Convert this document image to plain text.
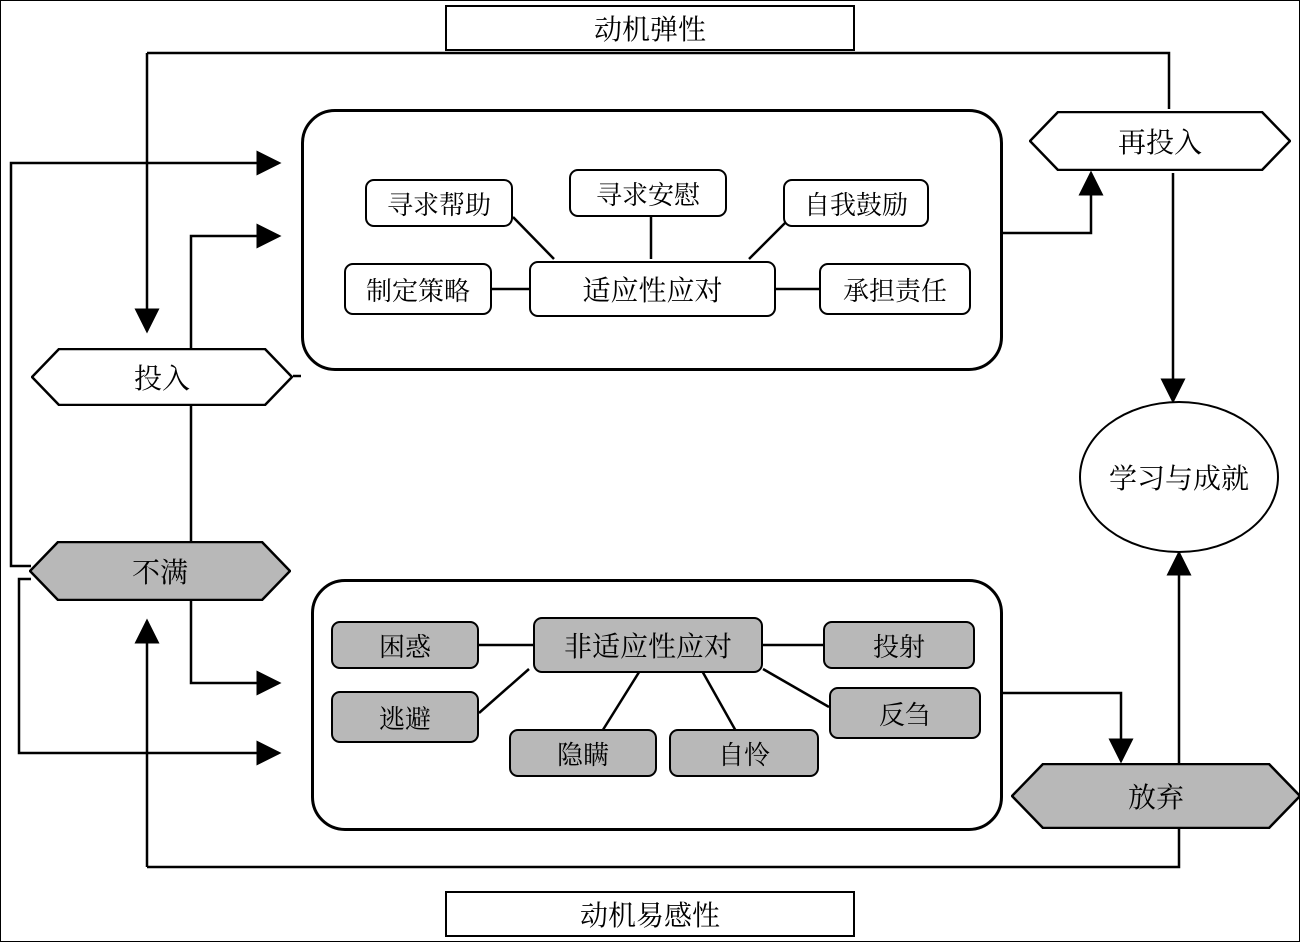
动机弹性
动机易感性
寻求帮助	寻求安慰	自我鼓励
制定策略	适应性应对	承担责任
困惑	非适应性应对	投射
逃避	反刍
隐瞒	自怜
投入
再投入
不满
放弃
学习与成就
